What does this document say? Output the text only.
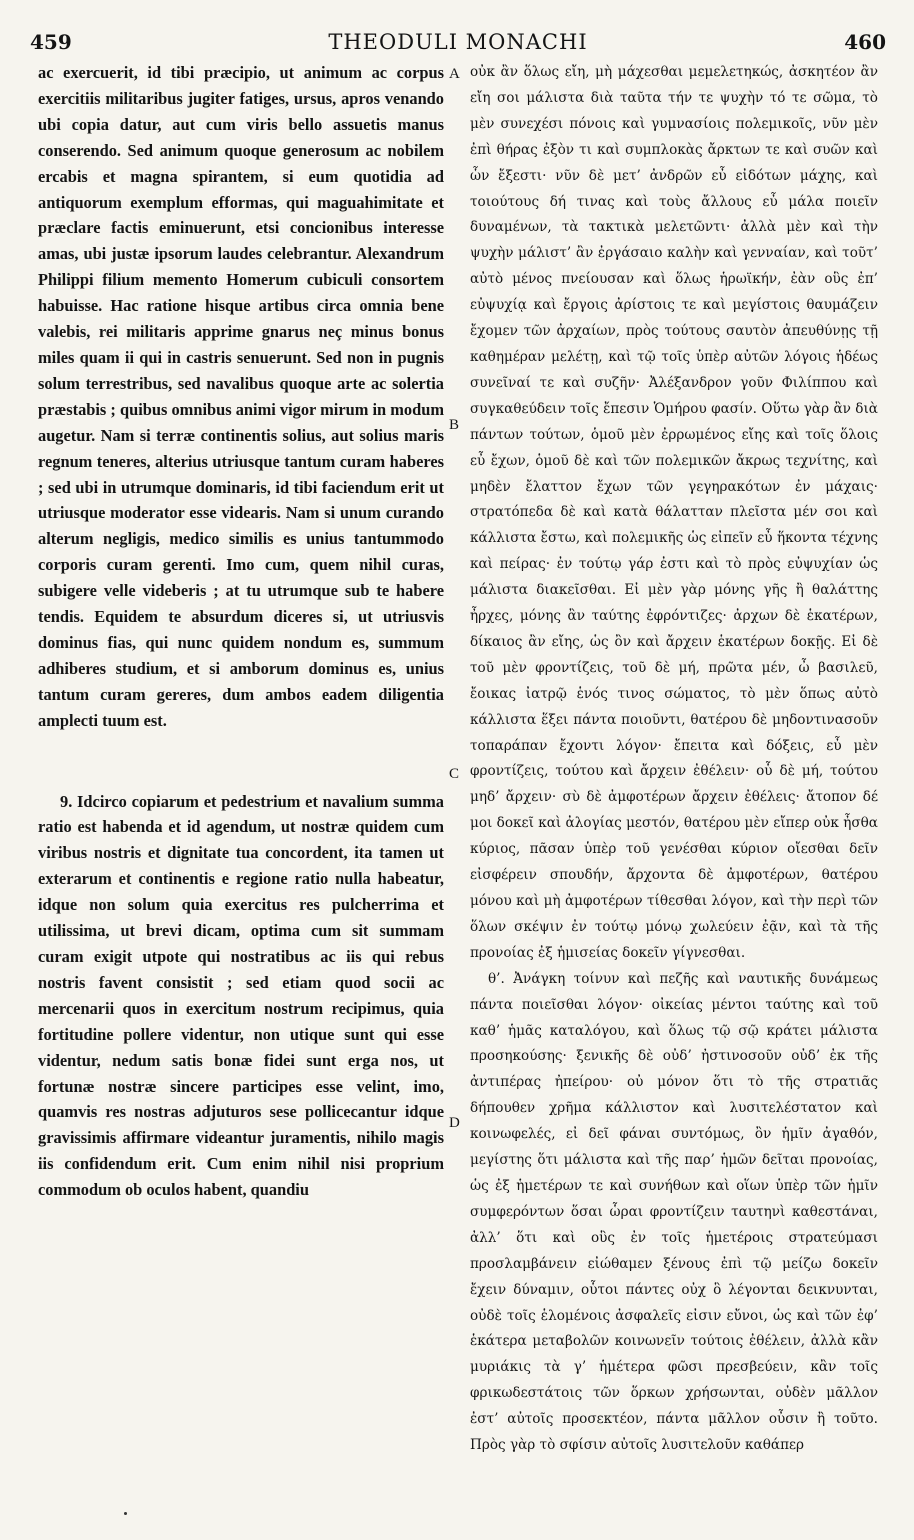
459	THEODULI MONACHI	460

ac exercuerit, id tibi præcipio, ut animum ac corpus exercitiis militaribus jugiter fatiges, ursus, apros venando ubi copia datur, aut cum viris bello assuetis manus conserendo. Sed animum quoque generosum ac nobilem ercabis et magna spirantem, si eum quotidia ad antiquorum exemplum efformas, qui maguahimitate et præclare factis eminuerunt, etsi concionibus interesse amas, ubi justæ ipsorum laudes celebrantur. Alexandrum Philippi filium memento Homerum cubiculi consortem habuisse. Hac ratione hisque artibus circa omnia bene valebis, rei militaris apprime gnarus neç minus bonus miles quam ii qui in castris senuerunt. Sed non in pugnis solum terrestribus, sed navalibus quoque arte ac solertia præstabis ; quibus omnibus animi vigor mirum in modum augetur. Nam si terræ continentis solius, aut solius maris regnum teneres, alterius utriusque tantum curam haberes ; sed ubi in utrumque dominaris, id tibi faciendum erit ut utriusque moderator esse videaris. Nam si unum curando alterum negligis, medico similis es unius tantummodo corporis curam gerenti. Imo cum, quem nihil curas, subigere velle videberis ; at tu utrumque sub te habere tendis. Equidem te absurdum diceres si, ut utriusvis dominus fias, qui nunc quidem nondum es, summum adhiberes studium, et si amborum dominus es, unius tantum curam gereres, dum ambos eadem diligentia amplecti tuum est.

9. Idcirco copiarum et pedestrium et navalium summa ratio est habenda et id agendum, ut nostræ quidem cum viribus nostris et dignitate tua concordent, ita tamen ut exterarum et continentis e regione ratio nulla habeatur, idque non solum quia exercitus res pulcherrima et utilissima, ut brevi dicam, optima cum sit summam curam exigit utpote qui nostratibus ac iis qui rebus nostris favent consistit ; sed etiam quod socii ac mercenarii quos in exercitum nostrum recipimus, quia fortitudine pollere videntur, non utique sunt qui esse videntur, nedum satis bonæ fidei sunt erga nos, ut fortunæ nostræ sincere participes esse velint, imo, quamvis res nostras adjuturos sese pollicecantur idque gravissimis affirmare videantur juramentis, nihilo magis iis confidendum erit. Cum enim nihil nisi proprium commodum ob oculos habent, quandiu

οὐκ ἂν ὅλως εἴη, μὴ μάχεσθαι μεμελετηκώς, ἀσκητέον ἂν εἴη σοι μάλιστα διὰ ταῦτα τήν τε ψυχὴν τό τε σῶμα, τὸ μὲν συνεχέσι πόνοις καὶ γυμνασίοις πολεμικοῖς, νῦν μὲν ἐπὶ θήρας ἐξὸν τι καὶ συμπλοκὰς ἄρκτων τε καὶ συῶν καὶ ὧν ἔξεστι· νῦν δὲ μετ’ ἀνδρῶν εὖ εἰδότων μάχης, καὶ τοιούτους δή τινας καὶ τοὺς ἄλλους εὖ μάλα ποιεῖν δυναμένων, τὰ τακτικὰ μελετῶντι· ἀλλὰ μὲν καὶ τὴν ψυχὴν μάλιστ’ ἂν ἐργάσαιο καλὴν καὶ γενναίαν, καὶ τοῦτ’ αὐτὸ μένος πνείουσαν καὶ ὅλως ἡρωϊκήν, ἐὰν οὓς ἐπ’ εὐψυχίᾳ καὶ ἔργοις ἀρίστοις τε καὶ μεγίστοις θαυμάζειν ἔχομεν τῶν ἀρχαίων, πρὸς τούτους σαυτὸν ἀπευθύνῃς τῇ καθημέραν μελέτῃ, καὶ τῷ τοῖς ὑπὲρ αὐτῶν λόγοις ἡδέως συνεῖναί τε καὶ συζῆν· Ἀλέξανδρον γοῦν Φιλίππου καὶ συγκαθεύδειν τοῖς ἔπεσιν Ὁμήρου φασίν. Οὕτω γὰρ ἂν διὰ πάντων τούτων, ὁμοῦ μὲν ἐρρωμένος εἴης καὶ τοῖς ὅλοις εὖ ἔχων, ὁμοῦ δὲ καὶ τῶν πολεμικῶν ἄκρως τεχνίτης, καὶ μηδὲν ἔλαττον ἔχων τῶν γεγηρακότων ἐν μάχαις· στρατόπεδα δὲ καὶ κατὰ θάλατταν πλεῖστα μέν σοι καὶ κάλλιστα ἔστω, καὶ πολεμικῆς ὡς εἰπεῖν εὖ ἥκοντα τέχνης καὶ πείρας· ἐν τούτῳ γάρ ἐστι καὶ τὸ πρὸς εὐψυχίαν ὡς μάλιστα διακεῖσθαι. Εἰ μὲν γὰρ μόνης γῆς ἢ θαλάττης ἦρχες, μόνης ἂν ταύτης ἐφρόντιζες· ἀρχων δὲ ἑκατέρων, δίκαιος ἂν εἴης, ὡς ὂν καὶ ἄρχειν ἑκατέρων δοκῇς. Εἰ δὲ τοῦ μὲν φροντίζεις, τοῦ δὲ μή, πρῶτα μέν, ὦ βασιλεῦ, ἔοικας ἰατρῷ ἑνός τινος σώματος, τὸ μὲν ὅπως αὐτὸ κάλλιστα ἕξει πάντα ποιοῦντι, θατέρου δὲ μηδοντινασοῦν τοπαράπαν ἔχοντι λόγον· ἔπειτα καὶ δόξεις, εὖ μὲν φροντίζεις, τούτου καὶ ἄρχειν ἐθέλειν· οὗ δὲ μή, τούτου μηδ’ ἄρχειν· σὺ δὲ ἀμφοτέρων ἄρχειν ἐθέλεις· ἄτοπον δέ μοι δοκεῖ καὶ ἀλογίας μεστόν, θατέρου μὲν εἴπερ οὐκ ἦσθα κύριος, πᾶσαν ὑπὲρ τοῦ γενέσθαι κύριον οἴεσθαι δεῖν εἰσφέρειν σπουδήν, ἄρχοντα δὲ ἀμφοτέρων, θατέρου μόνου καὶ μὴ ἀμφοτέρων τίθεσθαι λόγον, καὶ τὴν περὶ τῶν ὅλων σκέψιν ἐν τούτῳ μόνῳ χωλεύειν ἐᾷν, καὶ τὰ τῆς προνοίας ἐξ ἡμισείας δοκεῖν γίγνεσθαι.

θ’. Ἀνάγκη τοίνυν καὶ πεζῆς καὶ ναυτικῆς δυνάμεως πάντα ποιεῖσθαι λόγον· οἰκείας μέντοι ταύτης καὶ τοῦ καθ’ ἡμᾶς καταλόγου, καὶ ὅλως τῷ σῷ κράτει μάλιστα προσηκούσης· ξενικῆς δὲ οὐδ’ ἠστινοσοῦν οὐδ’ ἐκ τῆς ἀντιπέρας ἠπείρου· οὐ μόνον ὅτι τὸ τῆς στρατιᾶς δήπουθεν χρῆμα κάλλιστον καὶ λυσιτελέστατον καὶ κοινωφελές, εἰ δεῖ φάναι συντόμως, ὂν ἡμῖν ἀγαθόν, μεγίστης ὅτι μάλιστα καὶ τῆς παρ’ ἡμῶν δεῖται προνοίας, ὡς ἐξ ἡμετέρων τε καὶ συνήθων καὶ οἵων ὑπὲρ τῶν ἡμῖν συμφερόντων ὅσαι ὧραι φροντίζειν ταυτηνὶ καθεστάναι, ἀλλ’ ὅτι καὶ οὓς ἐν τοῖς ἡμετέροις στρατεύμασι προσλαμβάνειν εἰώθαμεν ξένους ἐπὶ τῷ μείζω δοκεῖν ἔχειν δύναμιν, οὗτοι πάντες οὐχ ὃ λέγονται δεικνυνται, οὐδὲ τοῖς ἑλομένοις ἀσφαλεῖς εἰσιν εὔνοι, ὡς καὶ τῶν ἐφ’ ἑκάτερα μεταβολῶν κοινωνεῖν τούτοις ἐθέλειν, ἀλλὰ κἂν μυριάκις τὰ γ’ ἡμέτερα φῶσι πρεσβεύειν, κἂν τοῖς φρικωδεστάτοις τῶν ὅρκων χρήσωνται, οὐδὲν μᾶλλον ἐστ’ αὐτοῖς προσεκτέον, πάντα μᾶλλον οὖσιν ἢ τοῦτο. Πρὸς γὰρ τὸ σφίσιν αὐτοῖς λυσιτελοῦν καθάπερ

A
B
C
D
